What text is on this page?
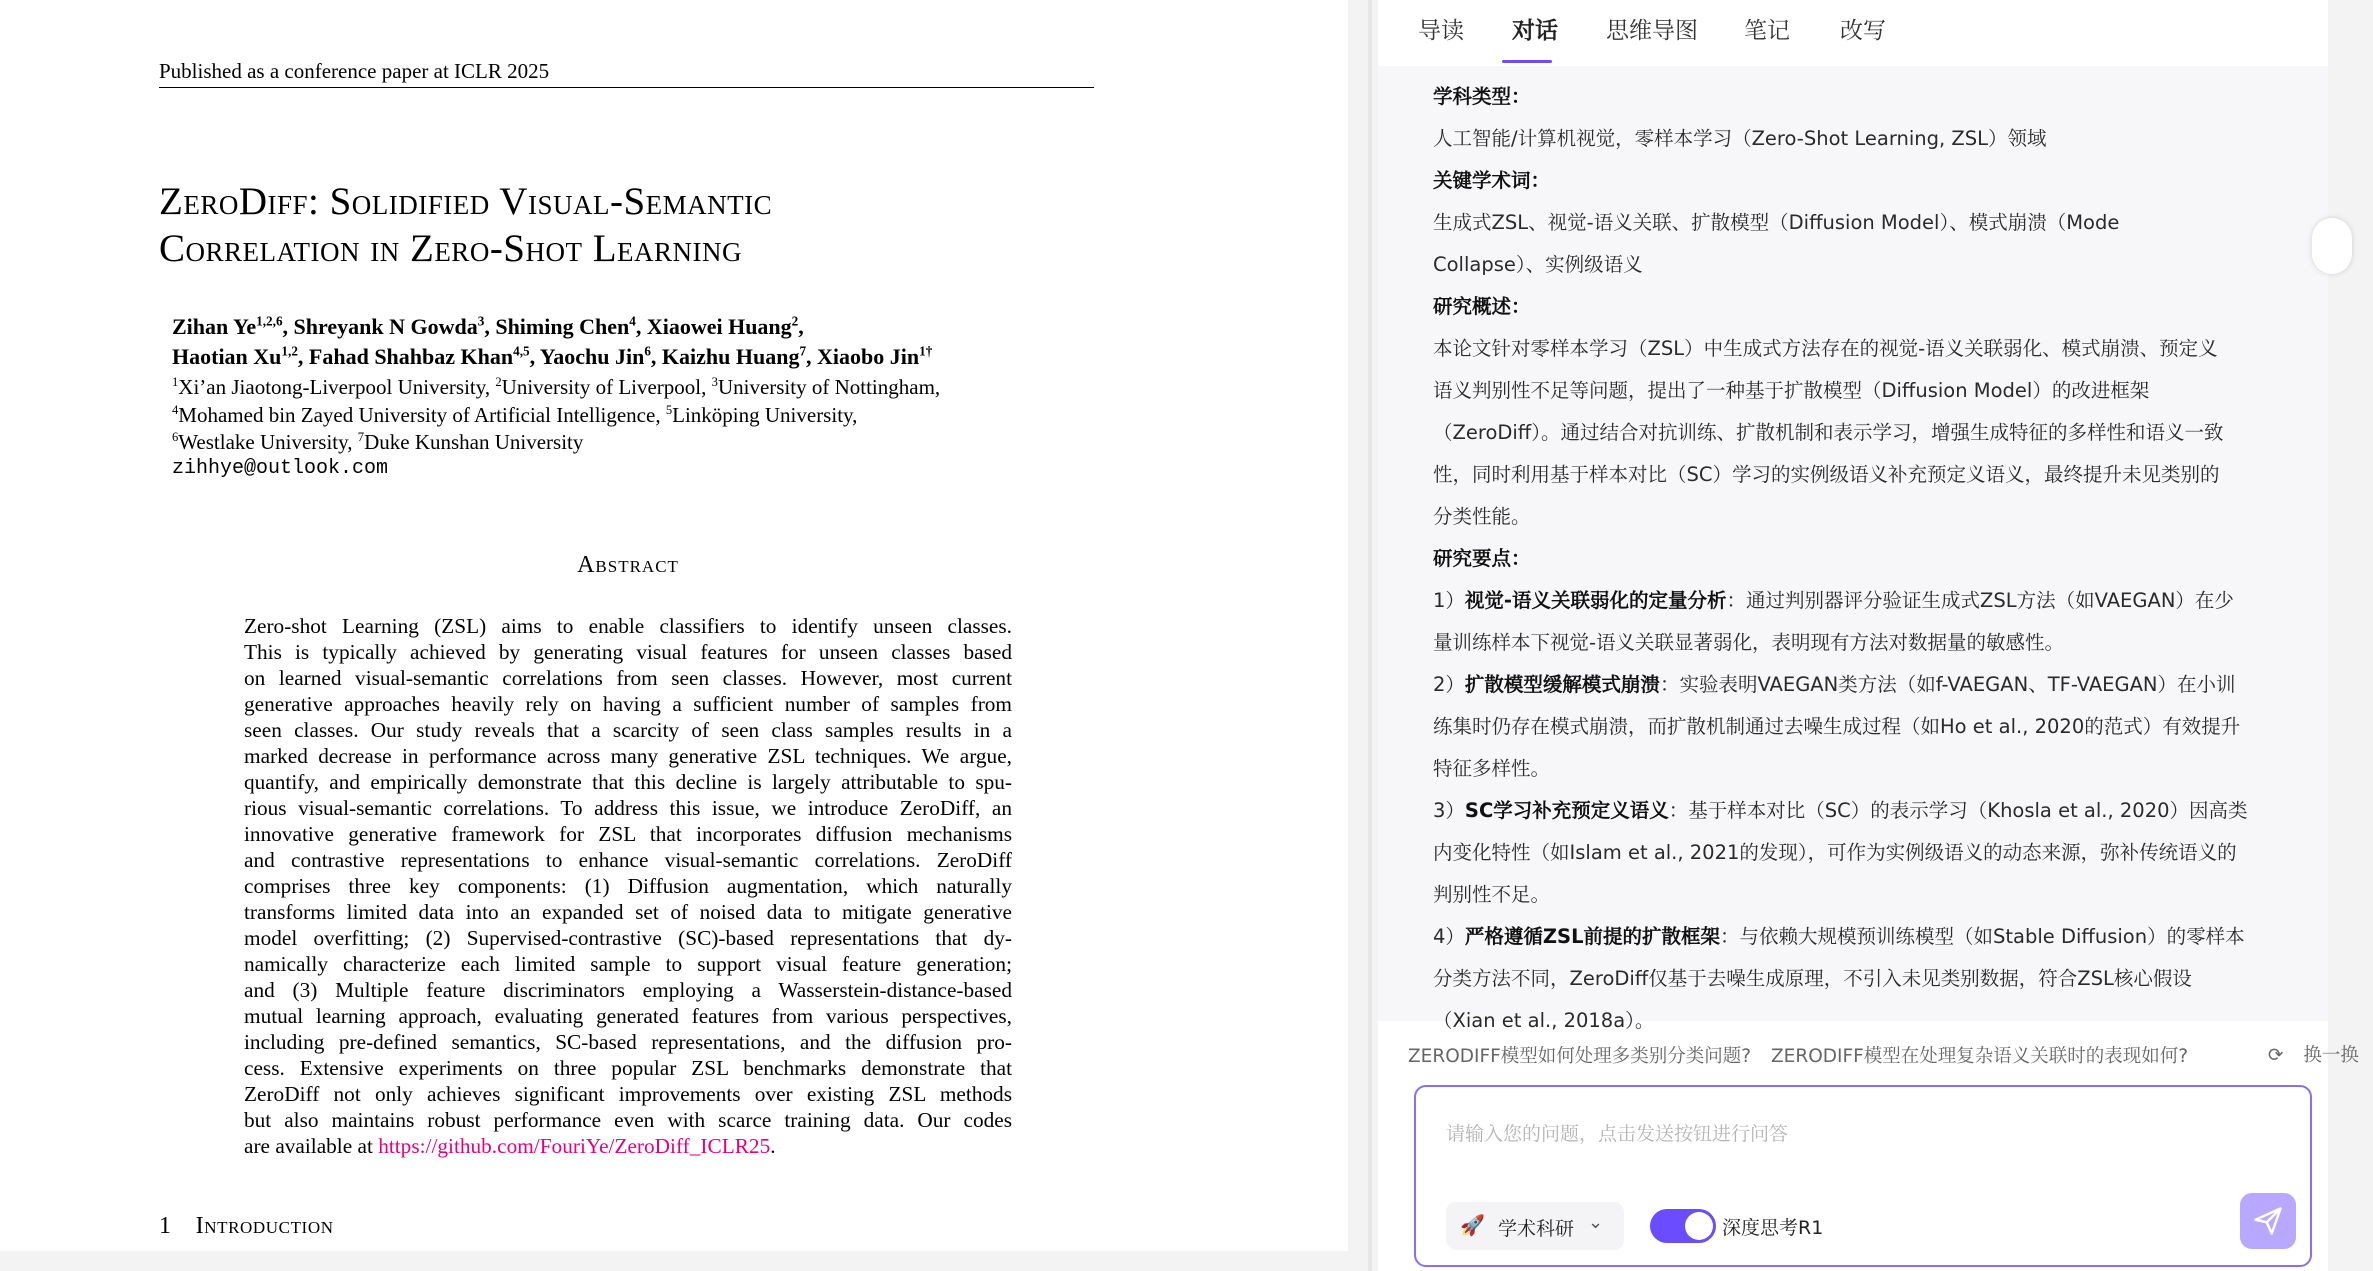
Published as a conference paper at ICLR 2025
ZeroDiff: Solidified Visual-Semantic
Correlation in Zero-Shot Learning
Zihan Ye$^{1,2,6}$, Shreyank N Gowda$^3$, Shiming Chen$^4$, Xiaowei Huang$^2$,
Haotian Xu$^{1,2}$, Fahad Shahbaz Khan$^{4,5}$, Yaochu Jin$^6$, Kaizhu Huang$^7$, Xiaobo Jin$^{1\dagger}$
$^1$Xi’an Jiaotong-Liverpool University, $^2$University of Liverpool, $^3$University of Nottingham,
$^4$Mohamed bin Zayed University of Artificial Intelligence, $^5$Linköping University,
$^6$Westlake University, $^7$Duke Kunshan University
zihhye@outlook.com
Abstract
Zero-shot Learning (ZSL) aims to enable classifiers to identify unseen classes.
This is typically achieved by generating visual features for unseen classes based
on learned visual-semantic correlations from seen classes. However, most current
generative approaches heavily rely on having a sufficient number of samples from
seen classes. Our study reveals that a scarcity of seen class samples results in a
marked decrease in performance across many generative ZSL techniques. We argue,
quantify, and empirically demonstrate that this decline is largely attributable to spu-
rious visual-semantic correlations. To address this issue, we introduce ZeroDiff, an
innovative generative framework for ZSL that incorporates diffusion mechanisms
and contrastive representations to enhance visual-semantic correlations. ZeroDiff
comprises three key components: (1) Diffusion augmentation, which naturally
transforms limited data into an expanded set of noised data to mitigate generative
model overfitting; (2) Supervised-contrastive (SC)-based representations that dy-
namically characterize each limited sample to support visual feature generation;
and (3) Multiple feature discriminators employing a Wasserstein-distance-based
mutual learning approach, evaluating generated features from various perspectives,
including pre-defined semantics, SC-based representations, and the diffusion pro-
cess. Extensive experiments on three popular ZSL benchmarks demonstrate that
ZeroDiff not only achieves significant improvements over existing ZSL methods
but also maintains robust performance even with scarce training data. Our codes
are available at https://github.com/FouriYe/ZeroDiff_ICLR25.
1 Introduction
导读 对话 思维导图 笔记 改写
学科类型：
人工智能/计算机视觉，零样本学习（Zero-Shot Learning, ZSL）领域
关键学术词：
生成式ZSL、视觉-语义关联、扩散模型（Diffusion Model）、模式崩溃（Mode
Collapse）、实例级语义
研究概述：
本论文针对零样本学习（ZSL）中生成式方法存在的视觉-语义关联弱化、模式崩溃、预定义
语义判别性不足等问题，提出了一种基于扩散模型（Diffusion Model）的改进框架
（ZeroDiff）。通过结合对抗训练、扩散机制和表示学习，增强生成特征的多样性和语义一致
性，同时利用基于样本对比（SC）学习的实例级语义补充预定义语义，最终提升未见类别的
分类性能。
研究要点：
1）视觉-语义关联弱化的定量分析：通过判别器评分验证生成式ZSL方法（如VAEGAN）在少
量训练样本下视觉-语义关联显著弱化，表明现有方法对数据量的敏感性。
2）扩散模型缓解模式崩溃：实验表明VAEGAN类方法（如f-VAEGAN、TF-VAEGAN）在小训
练集时仍存在模式崩溃，而扩散机制通过去噪生成过程（如Ho et al., 2020的范式）有效提升
特征多样性。
3）SC学习补充预定义语义：基于样本对比（SC）的表示学习（Khosla et al., 2020）因高类
内变化特性（如Islam et al., 2021的发现），可作为实例级语义的动态来源，弥补传统语义的
判别性不足。
4）严格遵循ZSL前提的扩散框架：与依赖大规模预训练模型（如Stable Diffusion）的零样本
分类方法不同，ZeroDiff仅基于去噪生成原理，不引入未见类别数据，符合ZSL核心假设
（Xian et al., 2018a）。
ZERODIFF模型如何处理多类别分类问题? ZERODIFF模型在处理复杂语义关联时的表现如何?	⟳ 换一换
请输入您的问题，点击发送按钮进行问答
🚀 学术科研 ⌄	深度思考R1
